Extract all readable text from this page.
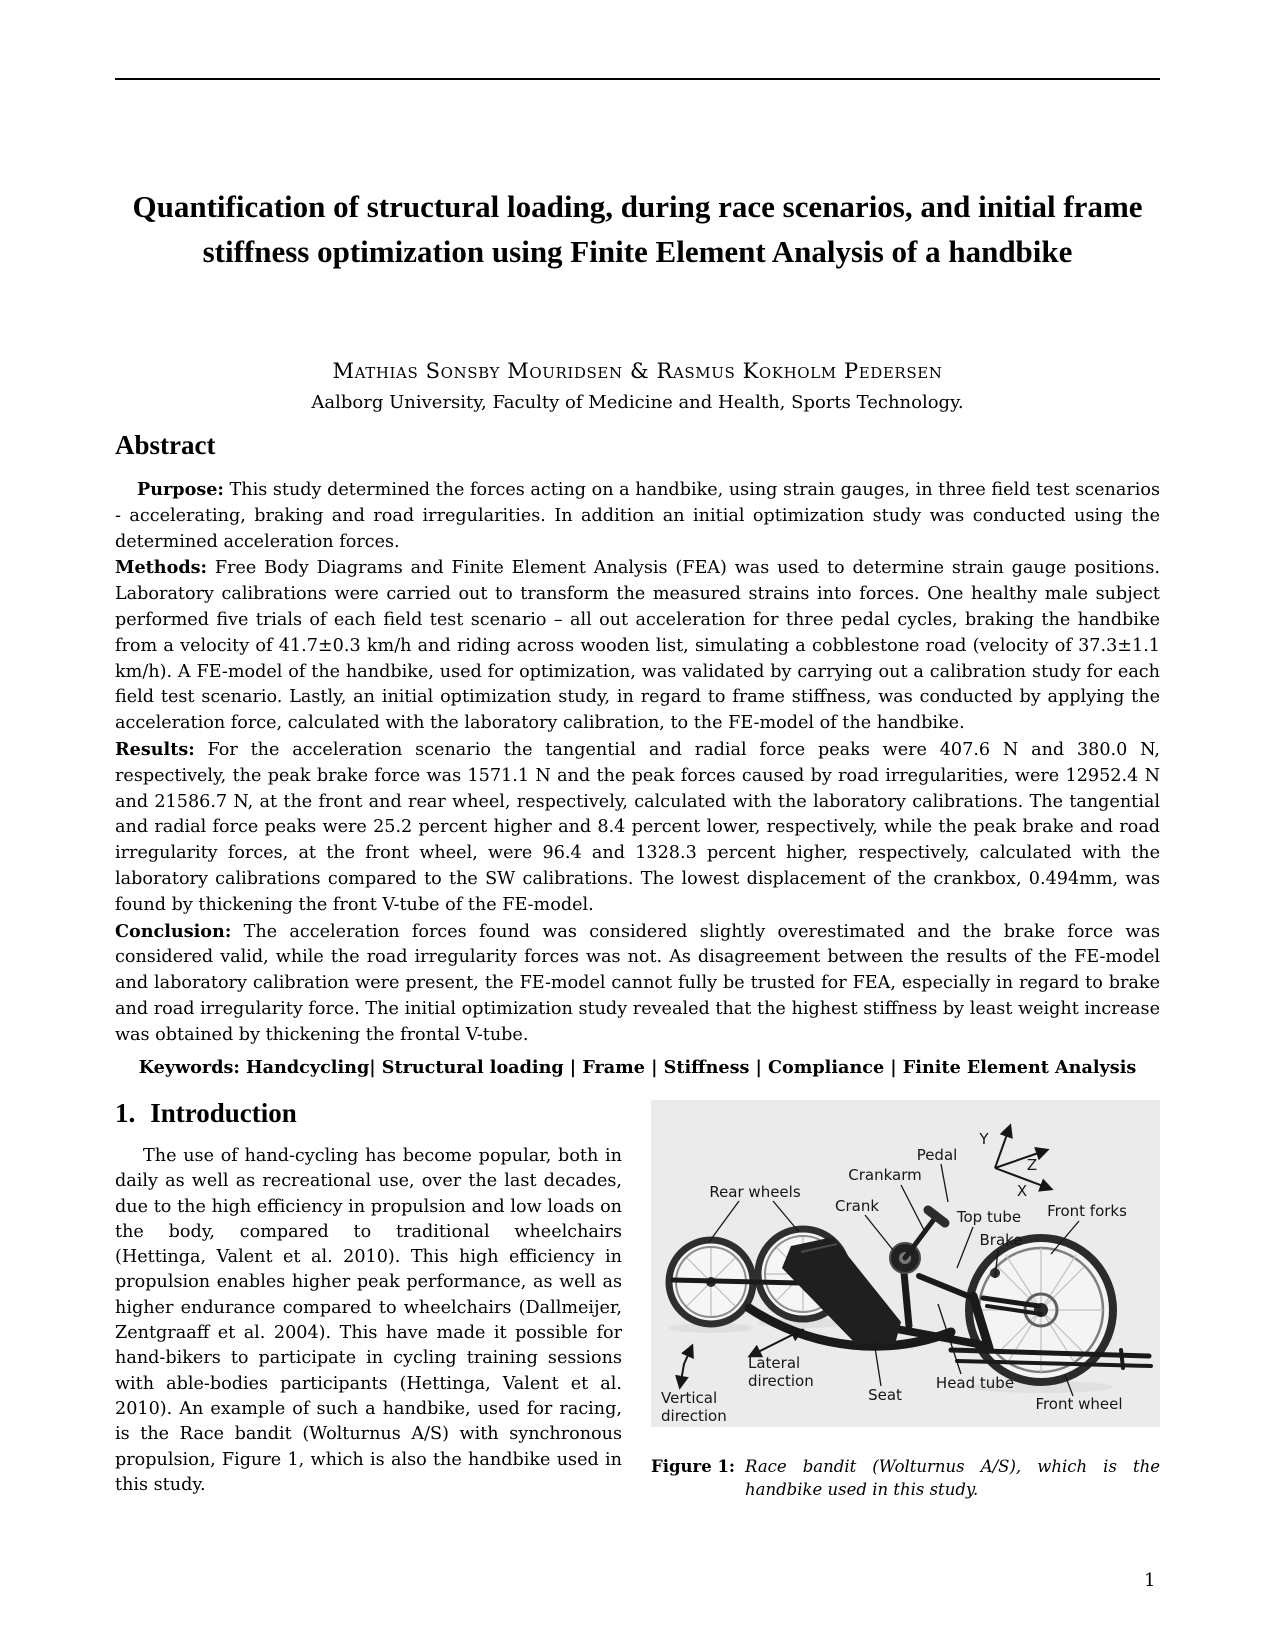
Quantification of structural loading, during race scenarios, and initial frame stiffness optimization using Finite Element Analysis of a handbike
Mathias Sonsby Mouridsen & Rasmus Kokholm Pedersen
Aalborg University, Faculty of Medicine and Health, Sports Technology.
Abstract

Purpose: This study determined the forces acting on a handbike, using strain gauges, in three field test scenarios - accelerating, braking and road irregularities. In addition an initial optimization study was conducted using the determined acceleration forces.

Methods: Free Body Diagrams and Finite Element Analysis (FEA) was used to determine strain gauge positions. Laboratory calibrations were carried out to transform the measured strains into forces. One healthy male subject performed five trials of each field test scenario – all out acceleration for three pedal cycles, braking the handbike from a velocity of 41.7±0.3 km/h and riding across wooden list, simulating a cobblestone road (velocity of 37.3±1.1 km/h). A FE-model of the handbike, used for optimization, was validated by carrying out a calibration study for each field test scenario. Lastly, an initial optimization study, in regard to frame stiffness, was conducted by applying the acceleration force, calculated with the laboratory calibration, to the FE-model of the handbike.

Results: For the acceleration scenario the tangential and radial force peaks were 407.6 N and 380.0 N, respectively, the peak brake force was 1571.1 N and the peak forces caused by road irregularities, were 12952.4 N and 21586.7 N, at the front and rear wheel, respectively, calculated with the laboratory calibrations. The tangential and radial force peaks were 25.2 percent higher and 8.4 percent lower, respectively, while the peak brake and road irregularity forces, at the front wheel, were 96.4 and 1328.3 percent higher, respectively, calculated with the laboratory calibrations compared to the SW calibrations. The lowest displacement of the crankbox, 0.494mm, was found by thickening the front V-tube of the FE-model.

Conclusion: The acceleration forces found was considered slightly overestimated and the brake force was considered valid, while the road irregularity forces was not. As disagreement between the results of the FE-model and laboratory calibration were present, the FE-model cannot fully be trusted for FEA, especially in regard to brake and road irregularity force. The initial optimization study revealed that the highest stiffness by least weight increase was obtained by thickening the frontal V-tube.

Keywords: Handcycling| Structural loading | Frame | Stiffness | Compliance | Finite Element Analysis
1. Introduction

The use of hand-cycling has become popular, both in daily as well as recreational use, over the last decades, due to the high efficiency in propulsion and low loads on the body, compared to traditional wheelchairs (Hettinga, Valent et al. 2010). This high efficiency in propulsion enables higher peak performance, as well as higher endurance compared to wheelchairs (Dallmeijer, Zentgraaff et al. 2004). This have made it possible for hand-bikers to participate in cycling training sessions with able-bodies participants (Hettinga, Valent et al. 2010). An example of such a handbike, used for racing, is the Race bandit (Wolturnus A/S) with synchronous propulsion, Figure 1, which is also the handbike used in this study.

Y
Z
X
Pedal
Crankarm
Rear wheels
Crank
Top tube Front forks
Brake
Seat
Head tube
Front wheel
Lateral
direction
Vertical
direction
Figure 1: Race bandit (Wolturnus A/S), which is the handbike used in this study.
1
